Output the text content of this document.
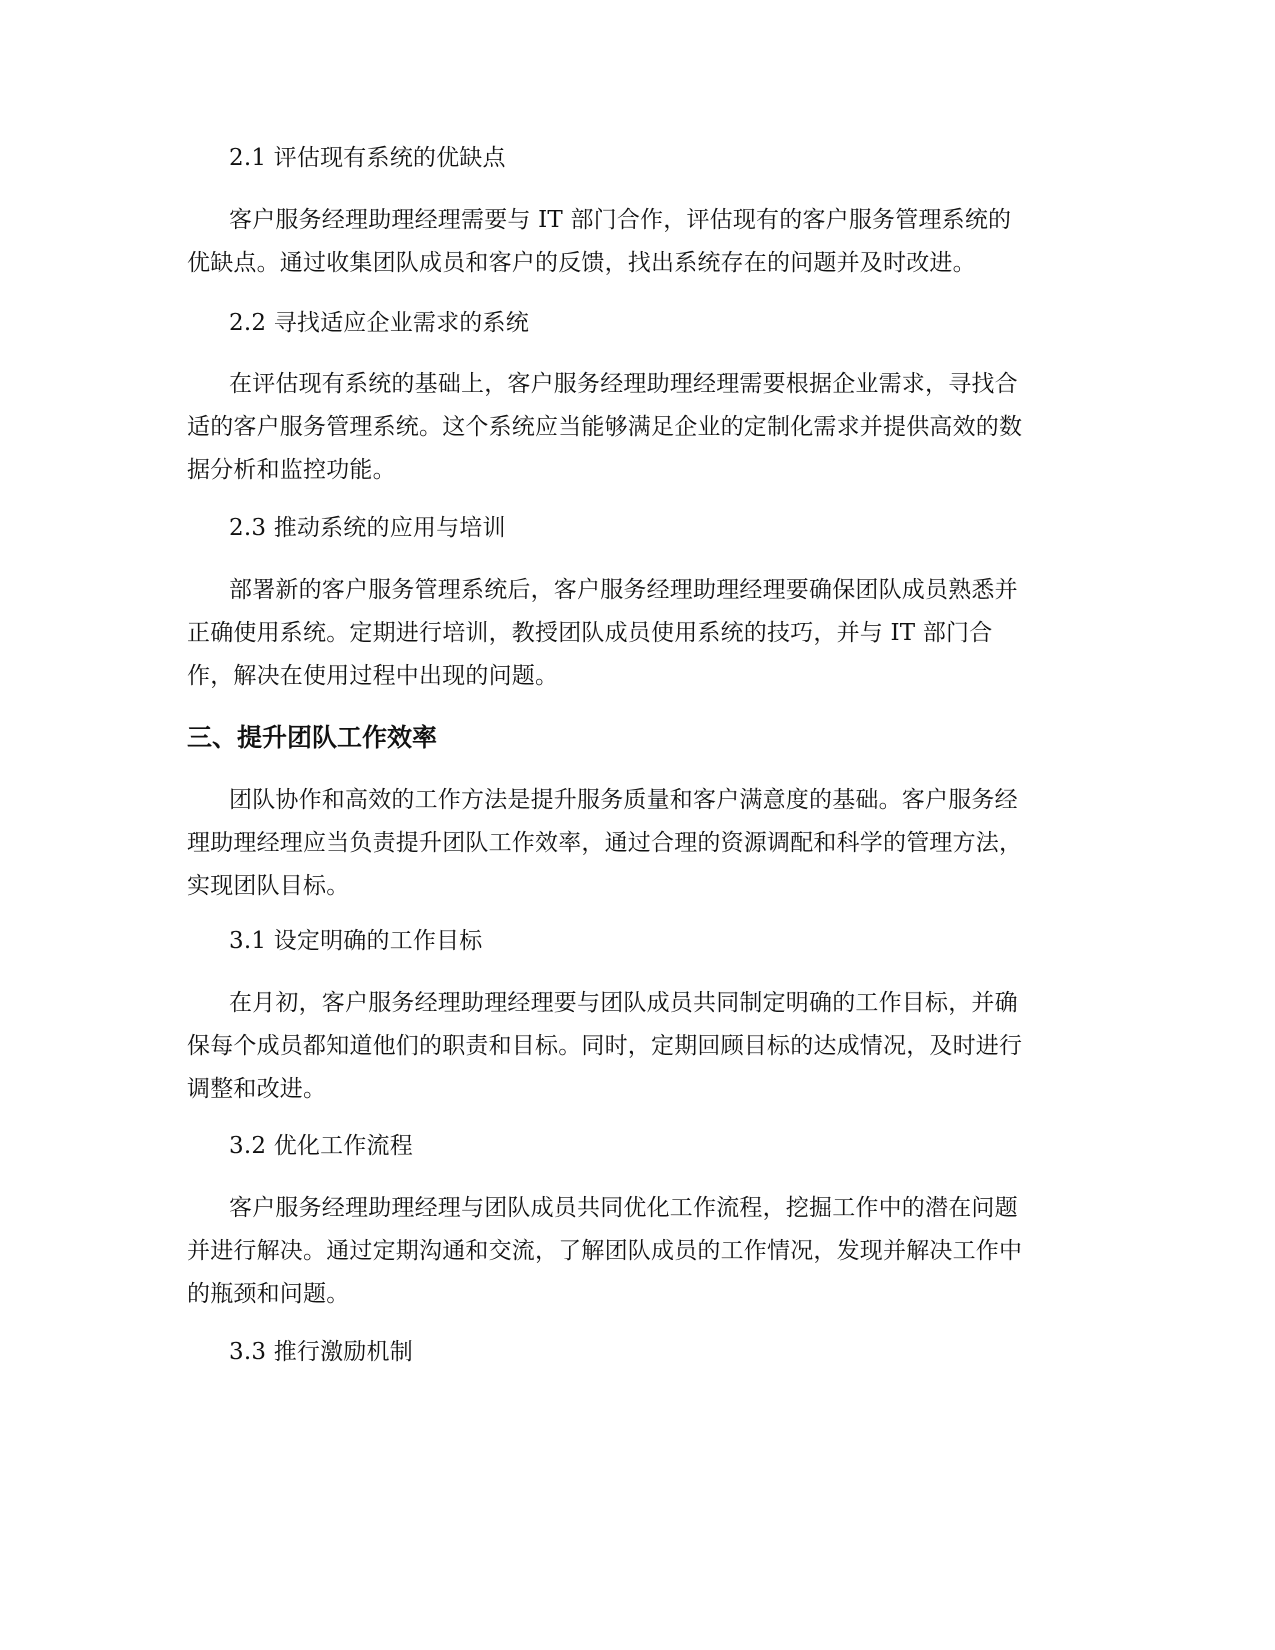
2.1 评估现有系统的优缺点

客户服务经理助理经理需要与 IT 部门合作，评估现有的客户服务管理系统的
优缺点。通过收集团队成员和客户的反馈，找出系统存在的问题并及时改进。

2.2 寻找适应企业需求的系统

在评估现有系统的基础上，客户服务经理助理经理需要根据企业需求，寻找合
适的客户服务管理系统。这个系统应当能够满足企业的定制化需求并提供高效的数
据分析和监控功能。

2.3 推动系统的应用与培训

部署新的客户服务管理系统后，客户服务经理助理经理要确保团队成员熟悉并
正确使用系统。定期进行培训，教授团队成员使用系统的技巧，并与 IT 部门合
作，解决在使用过程中出现的问题。

三、提升团队工作效率

团队协作和高效的工作方法是提升服务质量和客户满意度的基础。客户服务经
理助理经理应当负责提升团队工作效率，通过合理的资源调配和科学的管理方法，
实现团队目标。

3.1 设定明确的工作目标

在月初，客户服务经理助理经理要与团队成员共同制定明确的工作目标，并确
保每个成员都知道他们的职责和目标。同时，定期回顾目标的达成情况，及时进行
调整和改进。

3.2 优化工作流程

客户服务经理助理经理与团队成员共同优化工作流程，挖掘工作中的潜在问题
并进行解决。通过定期沟通和交流，了解团队成员的工作情况，发现并解决工作中
的瓶颈和问题。

3.3 推行激励机制
